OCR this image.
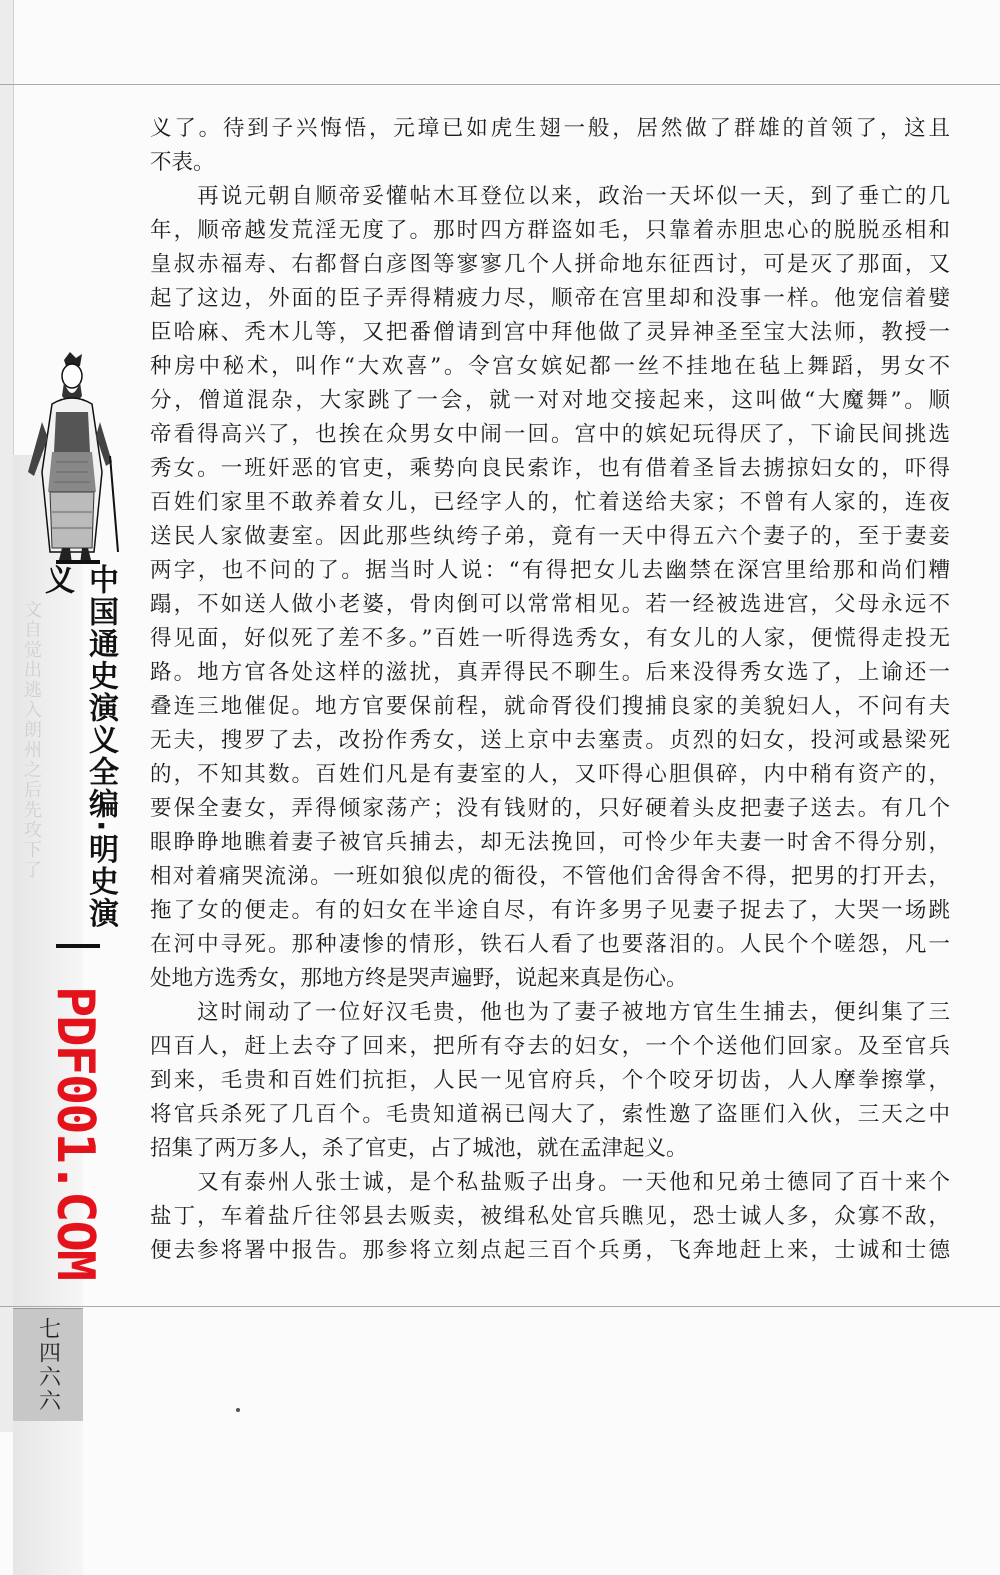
文自觉出逃入朗州之后先攻下了	中国通史演义全编·明史演义
PDF001.COM
七四六六
义了。待到子兴悔悟，元璋已如虎生翅一般，居然做了群雄的首领了，这且
不表。
　　再说元朝自顺帝妥懽帖木耳登位以来，政治一天坏似一天，到了垂亡的几
年，顺帝越发荒淫无度了。那时四方群盗如毛，只靠着赤胆忠心的脱脱丞相和
皇叔赤福寿、右都督白彦图等寥寥几个人拼命地东征西讨，可是灭了那面，又
起了这边，外面的臣子弄得精疲力尽，顺帝在宫里却和没事一样。他宠信着嬖
臣哈麻、秃木儿等，又把番僧请到宫中拜他做了灵异神圣至宝大法师，教授一
种房中秘术，叫作“大欢喜”。令宫女嫔妃都一丝不挂地在毡上舞蹈，男女不
分，僧道混杂，大家跳了一会，就一对对地交接起来，这叫做“大魔舞”。顺
帝看得高兴了，也挨在众男女中闹一回。宫中的嫔妃玩得厌了，下谕民间挑选
秀女。一班奸恶的官吏，乘势向良民索诈，也有借着圣旨去掳掠妇女的，吓得
百姓们家里不敢养着女儿，已经字人的，忙着送给夫家；不曾有人家的，连夜
送民人家做妻室。因此那些纨绔子弟，竟有一天中得五六个妻子的，至于妻妾
两字，也不问的了。据当时人说：“有得把女儿去幽禁在深宫里给那和尚们糟
蹋，不如送人做小老婆，骨肉倒可以常常相见。若一经被选进宫，父母永远不
得见面，好似死了差不多。”百姓一听得选秀女，有女儿的人家，便慌得走投无
路。地方官各处这样的滋扰，真弄得民不聊生。后来没得秀女选了，上谕还一
叠连三地催促。地方官要保前程，就命胥役们搜捕良家的美貌妇人，不问有夫
无夫，搜罗了去，改扮作秀女，送上京中去塞责。贞烈的妇女，投河或悬梁死
的，不知其数。百姓们凡是有妻室的人，又吓得心胆俱碎，内中稍有资产的，
要保全妻女，弄得倾家荡产；没有钱财的，只好硬着头皮把妻子送去。有几个
眼睁睁地瞧着妻子被官兵捕去，却无法挽回，可怜少年夫妻一时舍不得分别，
相对着痛哭流涕。一班如狼似虎的衙役，不管他们舍得舍不得，把男的打开去，
拖了女的便走。有的妇女在半途自尽，有许多男子见妻子捉去了，大哭一场跳
在河中寻死。那种凄惨的情形，铁石人看了也要落泪的。人民个个嗟怨，凡一
处地方选秀女，那地方终是哭声遍野，说起来真是伤心。
　　这时闹动了一位好汉毛贵，他也为了妻子被地方官生生捕去，便纠集了三
四百人，赶上去夺了回来，把所有夺去的妇女，一个个送他们回家。及至官兵
到来，毛贵和百姓们抗拒，人民一见官府兵，个个咬牙切齿，人人摩拳擦掌，
将官兵杀死了几百个。毛贵知道祸已闯大了，索性邀了盗匪们入伙，三天之中
招集了两万多人，杀了官吏，占了城池，就在孟津起义。
　　又有泰州人张士诚，是个私盐贩子出身。一天他和兄弟士德同了百十来个
盐丁，车着盐斤往邻县去贩卖，被缉私处官兵瞧见，恐士诚人多，众寡不敌，
便去参将署中报告。那参将立刻点起三百个兵勇，飞奔地赶上来，士诚和士德
